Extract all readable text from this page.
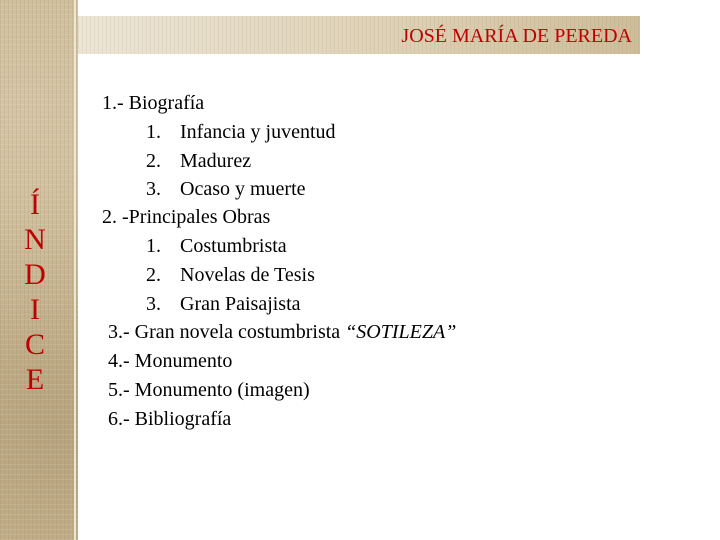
JOSÉ MARÍA DE PEREDA
Í
N
D
I
C
E
1.- Biografía
1. Infancia y juventud
2. Madurez
3. Ocaso y muerte
2. -Principales Obras
1. Costumbrista
2. Novelas de Tesis
3. Gran Paisajista
3.- Gran novela costumbrista “SOTILEZA”
4.- Monumento
5.- Monumento (imagen)
6.- Bibliografía
